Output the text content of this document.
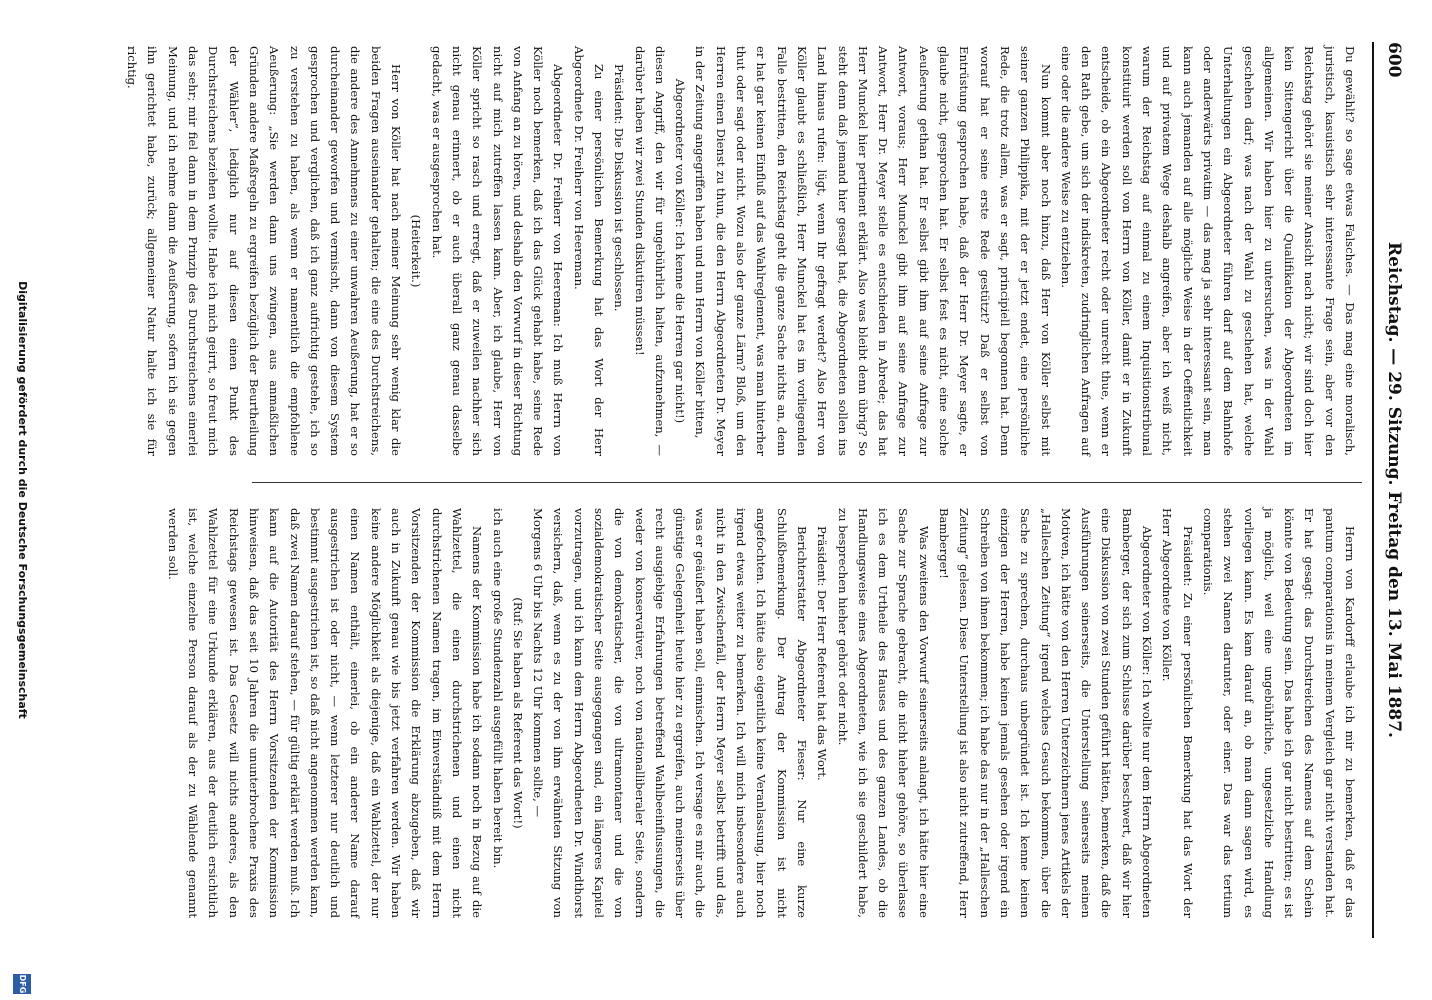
600
Reichstag. — 29. Sitzung. Freitag den 13. Mai 1887.

Du gewählt? so sage etwas Falsches. — Das mag eine moralisch, juristisch, kasuistisch sehr interessante Frage sein, aber vor den Reichstag gehört sie meiner Ansicht nach nicht; wir sind doch hier kein Sittengericht über die Qualifikation der Abgeordneten im allgemeinen. Wir haben hier zu untersuchen, was in der Wahl geschehen darf; was nach der Wahl zu geschehen hat, welche Unterhaltungen ein Abgeordneter führen darf auf dem Bahnhofe oder anderwärts privatim — das mag ja sehr interessant sein, man kann auch jemanden auf alle mögliche Weise in der Oeffentlichkeit und auf privatem Wege deshalb angreifen, aber ich weiß nicht, warum der Reichstag auf einmal zu einem Inquisitionstribunal konstituirt werden soll von Herrn von Köller, damit er in Zukunft entscheide, ob ein Abgeordneter recht oder unrecht thue, wenn er den Rath gebe, um sich der indiskreten, zudringlichen Anfragen auf eine oder die andere Weise zu entziehen.

Nun kommt aber noch hinzu, daß Herr von Köller selbst mit seiner ganzen Philippika, mit der er jetzt endet, eine persönliche Rede, die trotz allem, was er sagt, principiell begonnen hat. Denn worauf hat er seine erste Rede gestützt? Daß er selbst von Entrüstung gesprochen habe, daß der Herr Dr. Meyer sagte, er glaube nicht, gesprochen hat. Er selbst fest es nicht, eine solche Aeußerung gethan hat. Er selbst gibt ihm auf seine Anfrage zur Antwort, voraus; Herr Munckel gibt ihm auf seine Anfrage zur Antwort, Herr Dr. Meyer stelle es entschieden in Abrede; das hat Herr Munckel hier pertinent erklärt. Also was bleibt denn übrig? So steht denn daß jemand hier gesagt hat, die Abgeordneten sollen ins Land hinaus rufen: lügt, wenn Ihr gefragt werdet? Also Herr von Köller glaubt es schließlich, Herr Munckel hat es im vorliegenden Falle bestritten, den Reichstag geht die ganze Sache nichts an, denn er hat gar keinen Einfluß auf das Wahlreglement, was man hinterher thut oder sagt oder nicht. Wozu also der ganze Lärm? Bloß, um den Herren einen Dienst zu thun, die den Herrn Abgeordneten Dr. Meyer in der Zeitung angegriffen haben und nun Herrn von Köller bitten,

Abgeordneter von Köller: Ich kenne die Herren gar nicht!)

diesen Angriff, den wir für ungebührlich halten, aufzunehmen, — darüber haben wir zwei Stunden diskutiren müssen!

Präsident: Die Diskussion ist geschlossen.

Zu einer persönlichen Bemerkung hat das Wort der Herr Abgeordnete Dr. Freiherr von Heereman.

Abgeordneter Dr. Freiherr von Heereman: Ich muß Herrn von Köller noch bemerken, daß ich das Glück gehabt habe, seine Rede von Anfang an zu hören, und deshalb den Vorwurf in dieser Richtung nicht auf mich zutreffen lassen kann. Aber, ich glaube, Herr von Köller spricht so rasch und erregt, daß er zuweilen nachher sich nicht genau erinnert, ob er auch überall ganz genau dasselbe gedacht, was er ausgesprochen hat.

(Heiterkeit.)

Herr von Köller hat nach meiner Meinung sehr wenig klar die beiden Fragen auseinander gehalten; die eine des Durchstreichens, die andere des Annehmens zu einer unwahren Aeußerung, hat er so durcheinander geworfen und vermischt, dann von diesem System gesprochen und verglichen, daß ich ganz aufrichtig gestehe, ich so zu verstehen zu haben, als wenn er namentlich die empfohlene Aeußerung: „Sie werden dann uns zwingen, aus anmaßlichen Gründen andere Maßregeln zu ergreifen bezüglich der Beurtheilung der Wähler“, lediglich nur auf diesen einen Punkt des Durchstreichens beziehen wollte. Habe ich mich geirrt, so freut mich das sehr; mir fiel dann in dem Prinzip des Durchstreichens einerlei Meinung, und ich nehme dann die Aeußerung, sofern ich sie gegen ihn gerichtet habe, zurück; allgemeiner Natur halte ich sie für richtig.

Herrn von Kardorff erlaube ich mir zu bemerken, daß er das pantum comparationis in meinem Vergleich gar nicht verstanden hat. Er hat gesagt: das Durchstreichen des Namens auf dem Schein könnte von Bedeutung sein. Das habe ich gar nicht bestritten; es ist ja möglich, weil eine ungebührliche, ungesetzliche Handlung vorliegen kann. Es kam darauf an, ob man dann sagen wird, es stehen zwei Namen darunter, oder einer. Das war das tertium comparationis.

Präsident: Zu einer persönlichen Bemerkung hat das Wort der Herr Abgeordnete von Köller.

Abgeordneter von Köller: Ich wollte nur dem Herrn Abgeordneten Bamberger, der sich zum Schlusse darüber beschwert, daß wir hier eine Diskussion von zwei Stunden geführt hätten, bemerken, daß die Ausführungen seinerseits, die Unterstellung seinerseits meinen Motiven, ich hätte von den Herren Unterzeichnern jenes Artikels der „Halleschen Zeitung“ irgend welches Gesuch bekommen, über die Sache zu sprechen, durchaus unbegründet ist. Ich kenne keinen einzigen der Herren, habe keinen jemals gesehen oder irgend ein Schreiben von ihnen bekommen; ich habe das nur in der „Halleschen Zeitung“ gelesen. Diese Unterstellung ist also nicht zutreffend, Herr Bamberger!

Was zweitens den Vorwurf seinerseits anlangt, ich hätte hier eine Sache zur Sprache gebracht, die nicht hieher gehöre, so überlasse ich es dem Urtheile des Hauses und des ganzen Landes, ob die Handlungsweise eines Abgeordneten, wie ich sie geschildert habe, zu besprechen hieher gehört oder nicht.

Präsident: Der Herr Referent hat das Wort.

Berichterstatter Abgeordneter Fieser: Nur eine kurze Schlußbemerkung. Der Antrag der Kommission ist nicht angefochten. Ich hätte also eigentlich keine Veranlassung, hier noch irgend etwas weiter zu bemerken. Ich will mich insbesondere auch nicht in den Zwischenfall, der Herrn Meyer selbst betrifft und das, was er geäußert haben soll, einmischen. Ich versage es mir auch, die günstige Gelegenheit heute hier zu ergreifen, auch meinerseits über recht ausgiebige Erfahrungen betreffend Wahlbeeinflussungen, die weder von konservativer, noch von nationalliberaler Seite, sondern die von demokratischer, die von ultramontaner und die von sozialdemokratischer Seite ausgegangen sind, ein längeres Kapitel vorzutragen, und ich kann dem Herrn Abgeordneten Dr. Windthorst versichern, daß, wenn es zu der von ihm erwähnten Sitzung von Morgens 6 Uhr bis Nachts 12 Uhr kommen sollte, —

(Ruf: Sie haben als Referent das Wort!)

ich auch eine große Stundenzahl ausgefüllt haben bereit bin.

Namens der Kommission habe ich sodann noch in Bezug auf die Wahlzettel, die einen durchstrichenen und einen nicht durchstrichenen Namen tragen, im Einverständniß mit dem Herrn Vorsitzenden der Kommission die Erklärung abzugeben, daß wir auch in Zukunft genau wie bis jetzt verfahren werden. Wir haben keine andere Möglichkeit als diejenige, daß ein Wahlzettel, der nur einen Namen enthält, einerlei, ob ein anderer Name darauf ausgestrichen ist oder nicht, — wenn letzterer nur deutlich und bestimmt ausgestrichen ist, so daß nicht angenommen werden kann, daß zwei Namen darauf stehen, — für gültig erklärt werden muß. Ich kann auf die Autorität des Herrn Vorsitzenden der Kommission hinweisen, daß das seit 10 Jahren die ununterbrochene Praxis des Reichstags gewesen ist. Das Gesetz will nichts anderes, als den Wahlzettel für eine Urkunde erklären, aus der deutlich ersichtlich ist, welche einzelne Person darauf als der zu Wählende genannt werden soll.

Digitalisierung gefördert durch die Deutsche Forschungsgemeinschaft
DFG
